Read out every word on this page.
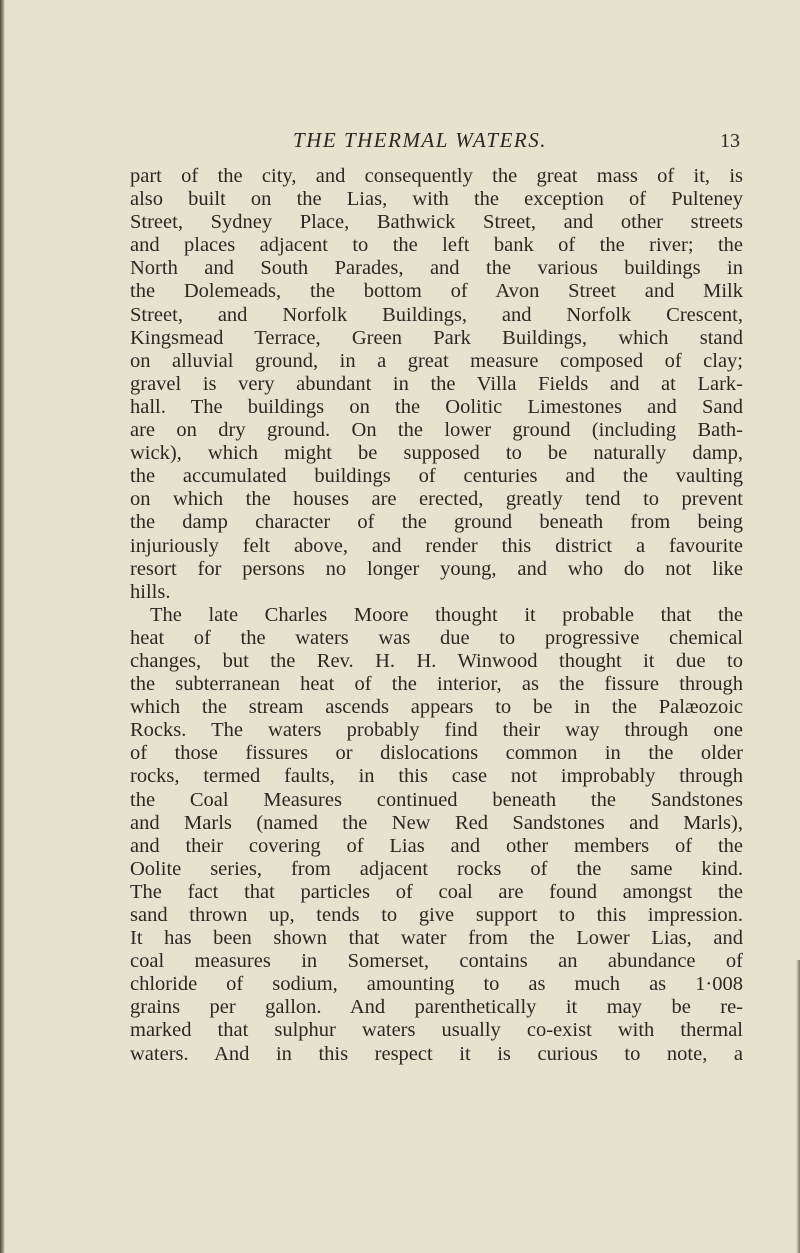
THE THERMAL WATERS.	13
part of the city, and consequently the great mass of it, is
also built on the Lias, with the exception of Pulteney
Street, Sydney Place, Bathwick Street, and other streets
and places adjacent to the left bank of the river; the
North and South Parades, and the various buildings in
the Dolemeads, the bottom of Avon Street and Milk
Street, and Norfolk Buildings, and Norfolk Crescent,
Kingsmead Terrace, Green Park Buildings, which stand
on alluvial ground, in a great measure composed of clay;
gravel is very abundant in the Villa Fields and at Lark-
hall. The buildings on the Oolitic Limestones and Sand
are on dry ground. On the lower ground (including Bath-
wick), which might be supposed to be naturally damp,
the accumulated buildings of centuries and the vaulting
on which the houses are erected, greatly tend to prevent
the damp character of the ground beneath from being
injuriously felt above, and render this district a favourite
resort for persons no longer young, and who do not like
hills.
The late Charles Moore thought it probable that the
heat of the waters was due to progressive chemical
changes, but the Rev. H. H. Winwood thought it due to
the subterranean heat of the interior, as the fissure through
which the stream ascends appears to be in the Palæozoic
Rocks. The waters probably find their way through one
of those fissures or dislocations common in the older
rocks, termed faults, in this case not improbably through
the Coal Measures continued beneath the Sandstones
and Marls (named the New Red Sandstones and Marls),
and their covering of Lias and other members of the
Oolite series, from adjacent rocks of the same kind.
The fact that particles of coal are found amongst the
sand thrown up, tends to give support to this impression.
It has been shown that water from the Lower Lias, and
coal measures in Somerset, contains an abundance of
chloride of sodium, amounting to as much as 1·008
grains per gallon. And parenthetically it may be re-
marked that sulphur waters usually co-exist with thermal
waters. And in this respect it is curious to note, a
